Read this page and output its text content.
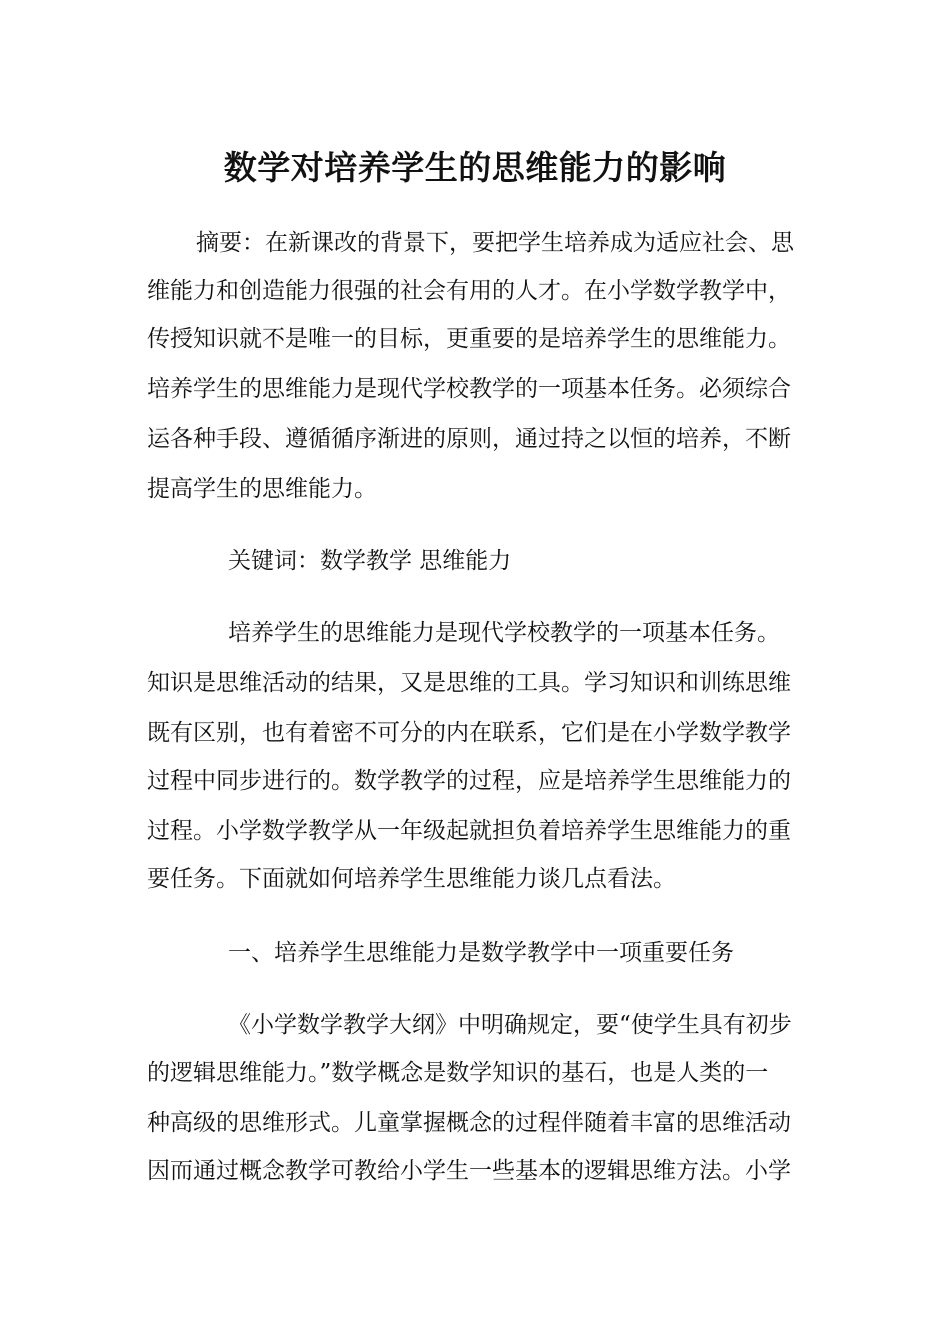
数学对培养学生的思维能力的影响
摘要：在新课改的背景下，要把学生培养成为适应社会、思
维能力和创造能力很强的社会有用的人才。在小学数学教学中，
传授知识就不是唯一的目标，更重要的是培养学生的思维能力。
培养学生的思维能力是现代学校教学的一项基本任务。必须综合
运各种手段、遵循循序渐进的原则，通过持之以恒的培养，不断
提高学生的思维能力。
关键词：数学教学 思维能力
培养学生的思维能力是现代学校教学的一项基本任务。
知识是思维活动的结果，又是思维的工具。学习知识和训练思维
既有区别，也有着密不可分的内在联系，它们是在小学数学教学
过程中同步进行的。数学教学的过程，应是培养学生思维能力的
过程。小学数学教学从一年级起就担负着培养学生思维能力的重
要任务。下面就如何培养学生思维能力谈几点看法。
一、培养学生思维能力是数学教学中一项重要任务
《小学数学教学大纲》中明确规定，要“使学生具有初步
的逻辑思维能力。”数学概念是数学知识的基石，也是人类的一
种高级的思维形式。儿童掌握概念的过程伴随着丰富的思维活动
因而通过概念教学可教给小学生一些基本的逻辑思维方法。小学
